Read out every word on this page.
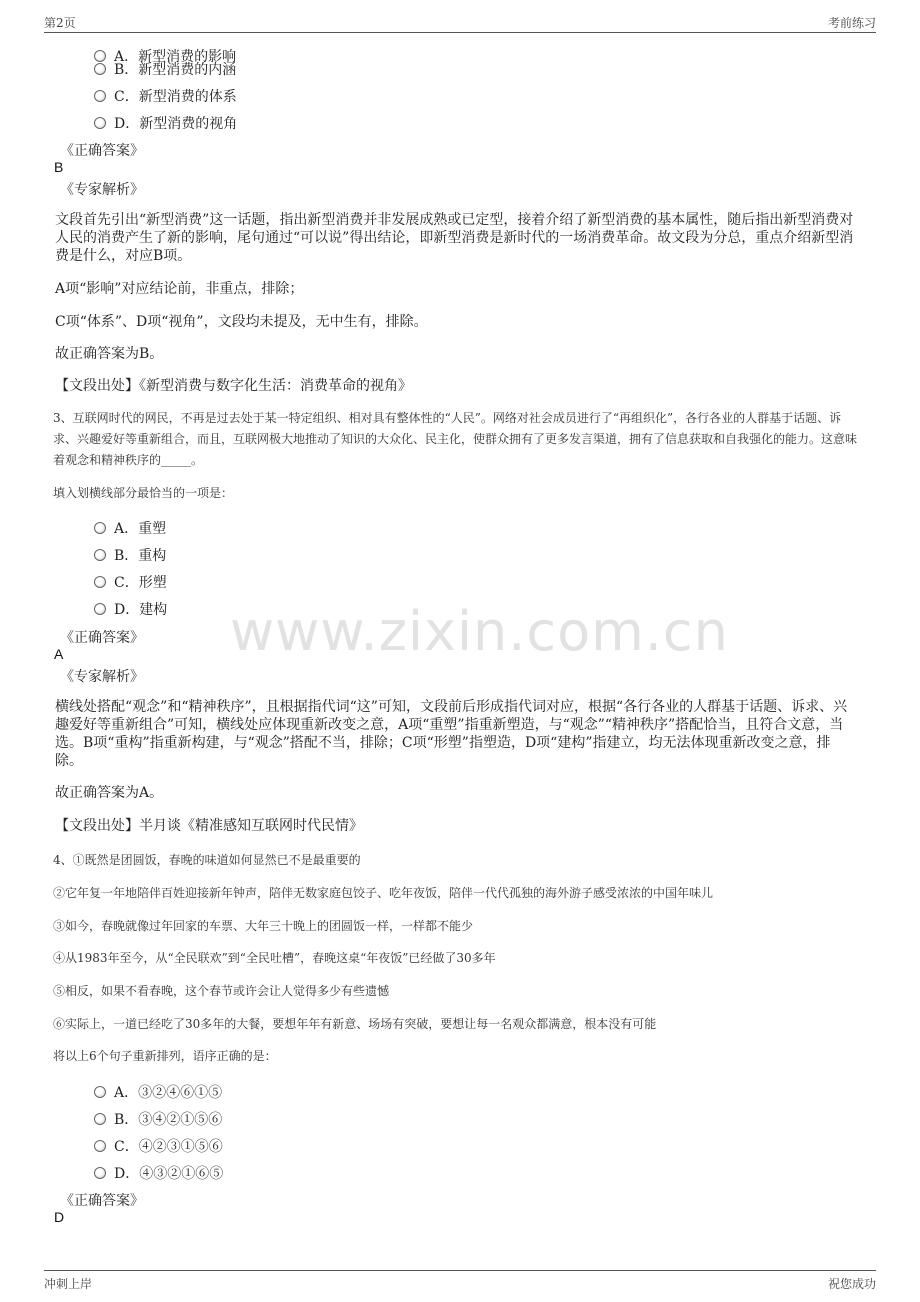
第2页	考前练习
www.zixin.com.cn
A．新型消费的影响
B．新型消费的内涵
C．新型消费的体系
D．新型消费的视角
《正确答案》
B
《专家解析》
文段首先引出“新型消费”这一话题，指出新型消费并非发展成熟或已定型，接着介绍了新型消费的基本属性，随后指出新型消费对人民的消费产生了新的影响，尾句通过“可以说”得出结论，即新型消费是新时代的一场消费革命。故文段为分总，重点介绍新型消费是什么，对应B项。
A项“影响”对应结论前，非重点，排除；
C项“体系”、D项“视角”，文段均未提及，无中生有，排除。
故正确答案为B。
【文段出处】《新型消费与数字化生活：消费革命的视角》
3、互联网时代的网民，不再是过去处于某一特定组织、相对具有整体性的“人民”。网络对社会成员进行了“再组织化”，各行各业的人群基于话题、诉求、兴趣爱好等重新组合，而且，互联网极大地推动了知识的大众化、民主化，使群众拥有了更多发言渠道，拥有了信息获取和自我强化的能力。这意味着观念和精神秩序的_____。
填入划横线部分最恰当的一项是：
A．重塑
B．重构
C．形塑
D．建构
《正确答案》
A
《专家解析》
横线处搭配“观念”和“精神秩序”，且根据指代词“这”可知，文段前后形成指代词对应，根据“各行各业的人群基于话题、诉求、兴趣爱好等重新组合”可知，横线处应体现重新改变之意，A项“重塑”指重新塑造，与“观念”“精神秩序”搭配恰当，且符合文意，当选。B项“重构”指重新构建，与“观念”搭配不当，排除；C项“形塑”指塑造，D项“建构”指建立，均无法体现重新改变之意，排除。
故正确答案为A。
【文段出处】半月谈《精准感知互联网时代民情》
4、①既然是团圆饭，春晚的味道如何显然已不是最重要的
②它年复一年地陪伴百姓迎接新年钟声，陪伴无数家庭包饺子、吃年夜饭，陪伴一代代孤独的海外游子感受浓浓的中国年味儿
③如今，春晚就像过年回家的车票、大年三十晚上的团圆饭一样，一样都不能少
④从1983年至今，从“全民联欢”到“全民吐槽”，春晚这桌“年夜饭”已经做了30多年
⑤相反，如果不看春晚，这个春节或许会让人觉得多少有些遗憾
⑥实际上，一道已经吃了30多年的大餐，要想年年有新意、场场有突破，要想让每一名观众都满意，根本没有可能
将以上6个句子重新排列，语序正确的是：
A．③②④⑥①⑤
B．③④②①⑤⑥
C．④②③①⑤⑥
D．④③②①⑥⑤
《正确答案》
D
冲刺上岸	祝您成功
